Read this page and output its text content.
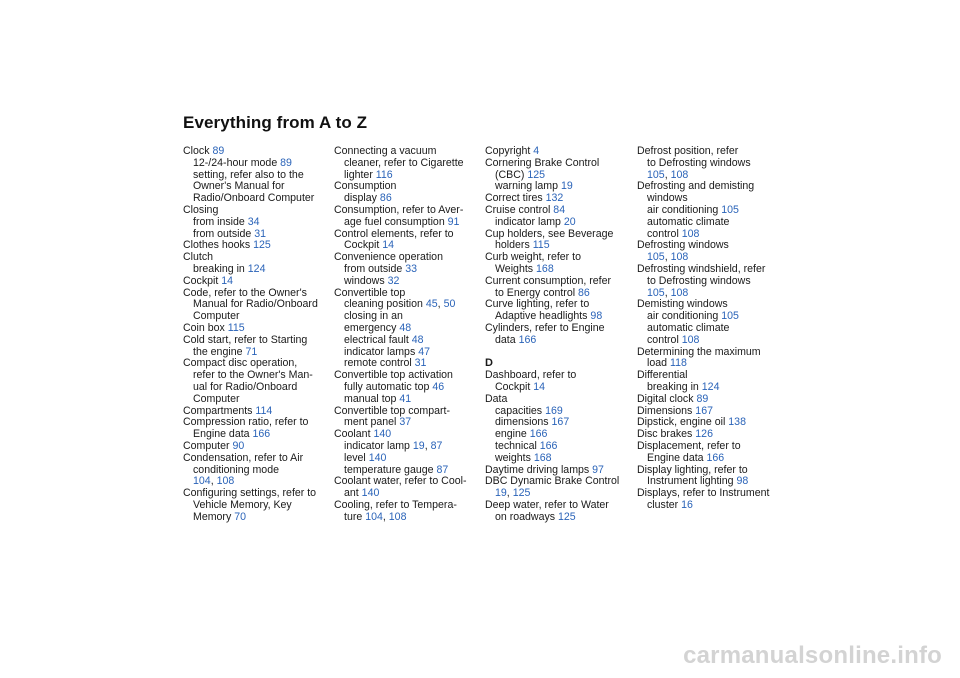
Everything from A to Z
Clock 89
12-/24-hour mode 89
setting, refer also to the
Owner's Manual for
Radio/Onboard Computer
Closing
from inside 34
from outside 31
Clothes hooks 125
Clutch
breaking in 124
Cockpit 14
Code, refer to the Owner's
Manual for Radio/Onboard
Computer
Coin box 115
Cold start, refer to Starting
the engine 71
Compact disc operation,
refer to the Owner's Man-
ual for Radio/Onboard
Computer
Compartments 114
Compression ratio, refer to
Engine data 166
Computer 90
Condensation, refer to Air
conditioning mode
104, 108
Configuring settings, refer to
Vehicle Memory, Key
Memory 70
Connecting a vacuum
cleaner, refer to Cigarette
lighter 116
Consumption
display 86
Consumption, refer to Aver-
age fuel consumption 91
Control elements, refer to
Cockpit 14
Convenience operation
from outside 33
windows 32
Convertible top
cleaning position 45, 50
closing in an
emergency 48
electrical fault 48
indicator lamps 47
remote control 31
Convertible top activation
fully automatic top 46
manual top 41
Convertible top compart-
ment panel 37
Coolant 140
indicator lamp 19, 87
level 140
temperature gauge 87
Coolant water, refer to Cool-
ant 140
Cooling, refer to Tempera-
ture 104, 108
Copyright 4
Cornering Brake Control
(CBC) 125
warning lamp 19
Correct tires 132
Cruise control 84
indicator lamp 20
Cup holders, see Beverage
holders 115
Curb weight, refer to
Weights 168
Current consumption, refer
to Energy control 86
Curve lighting, refer to
Adaptive headlights 98
Cylinders, refer to Engine
data 166
D
Dashboard, refer to
Cockpit 14
Data
capacities 169
dimensions 167
engine 166
technical 166
weights 168
Daytime driving lamps 97
DBC Dynamic Brake Control
19, 125
Deep water, refer to Water
on roadways 125
Defrost position, refer
to Defrosting windows
105, 108
Defrosting and demisting
windows
air conditioning 105
automatic climate
control 108
Defrosting windows
105, 108
Defrosting windshield, refer
to Defrosting windows
105, 108
Demisting windows
air conditioning 105
automatic climate
control 108
Determining the maximum
load 118
Differential
breaking in 124
Digital clock 89
Dimensions 167
Dipstick, engine oil 138
Disc brakes 126
Displacement, refer to
Engine data 166
Display lighting, refer to
Instrument lighting 98
Displays, refer to Instrument
cluster 16
carmanualsonline.info
